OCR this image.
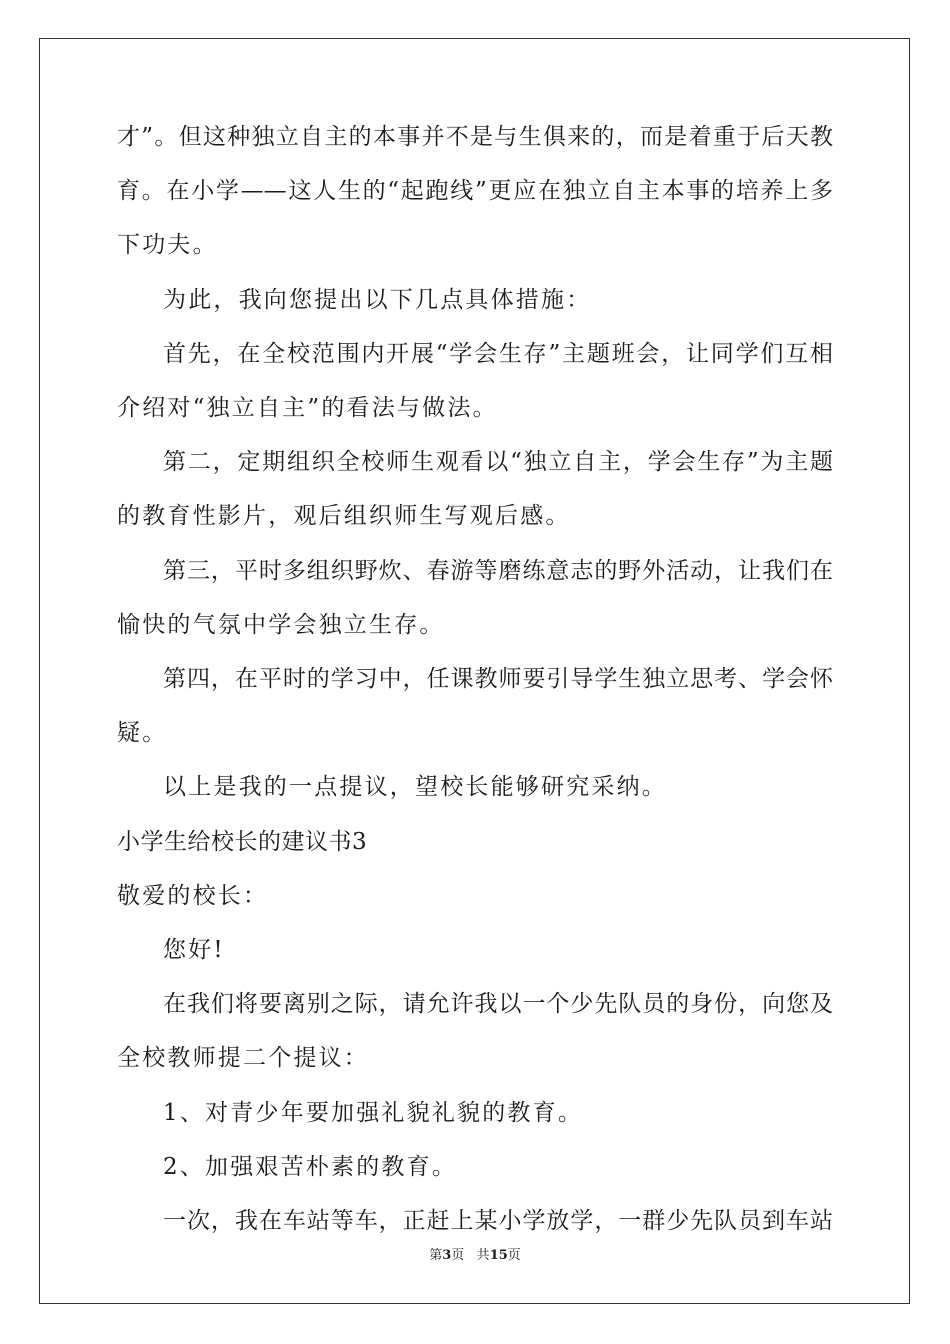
才”。但这种独立自主的本事并不是与生俱来的，而是着重于后天教
育。在小学——这人生的“起跑线”更应在独立自主本事的培养上多
下功夫。
为此，我向您提出以下几点具体措施：
首先，在全校范围内开展“学会生存”主题班会，让同学们互相
介绍对“独立自主”的看法与做法。
第二，定期组织全校师生观看以“独立自主，学会生存”为主题
的教育性影片，观后组织师生写观后感。
第三，平时多组织野炊、春游等磨练意志的野外活动，让我们在
愉快的气氛中学会独立生存。
第四，在平时的学习中，任课教师要引导学生独立思考、学会怀
疑。
以上是我的一点提议，望校长能够研究采纳。
小学生给校长的建议书3
敬爱的校长：
您好!
在我们将要离别之际，请允许我以一个少先队员的身份，向您及
全校教师提二个提议：
1、对青少年要加强礼貌礼貌的教育。
2、加强艰苦朴素的教育。
一次，我在车站等车，正赶上某小学放学，一群少先队员到车站
第3页 共15页
